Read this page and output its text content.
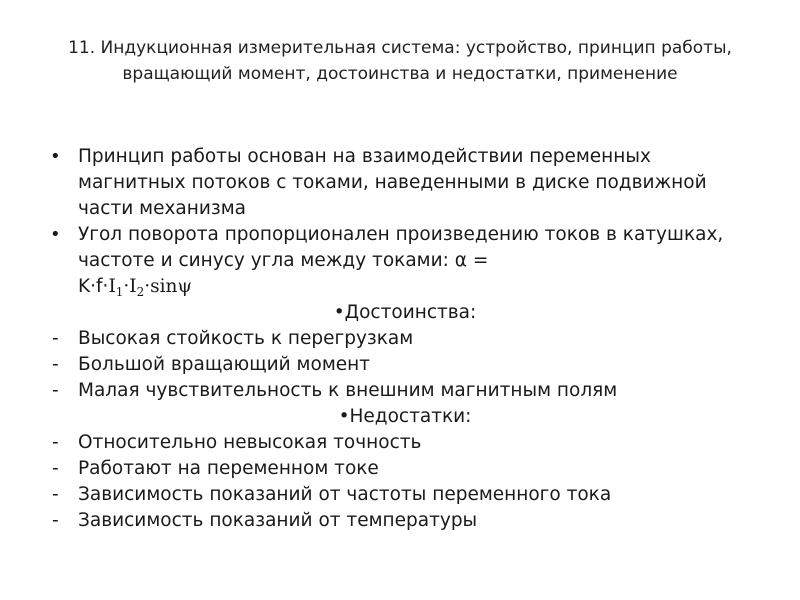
11. Индукционная измерительная система: устройство, принцип работы, вращающий момент, достоинства и недостатки, применение
• Принцип работы основан на взаимодействии переменных магнитных потоков с токами, наведенными в диске подвижной части механизма
• Угол поворота пропорционален произведению токов в катушках, частоте и синусу угла между токами: α =
$K\cdot f\cdot I_1\cdot I_2\cdot\sin\psi$
•Достоинства:
-	Высокая стойкость к перегрузкам
-	Большой вращающий момент
-	Малая чувствительность к внешним магнитным полям
•Недостатки:
-	Относительно невысокая точность
-	Работают на переменном токе
-	Зависимость показаний от частоты переменного тока
-	Зависимость показаний от температуры
